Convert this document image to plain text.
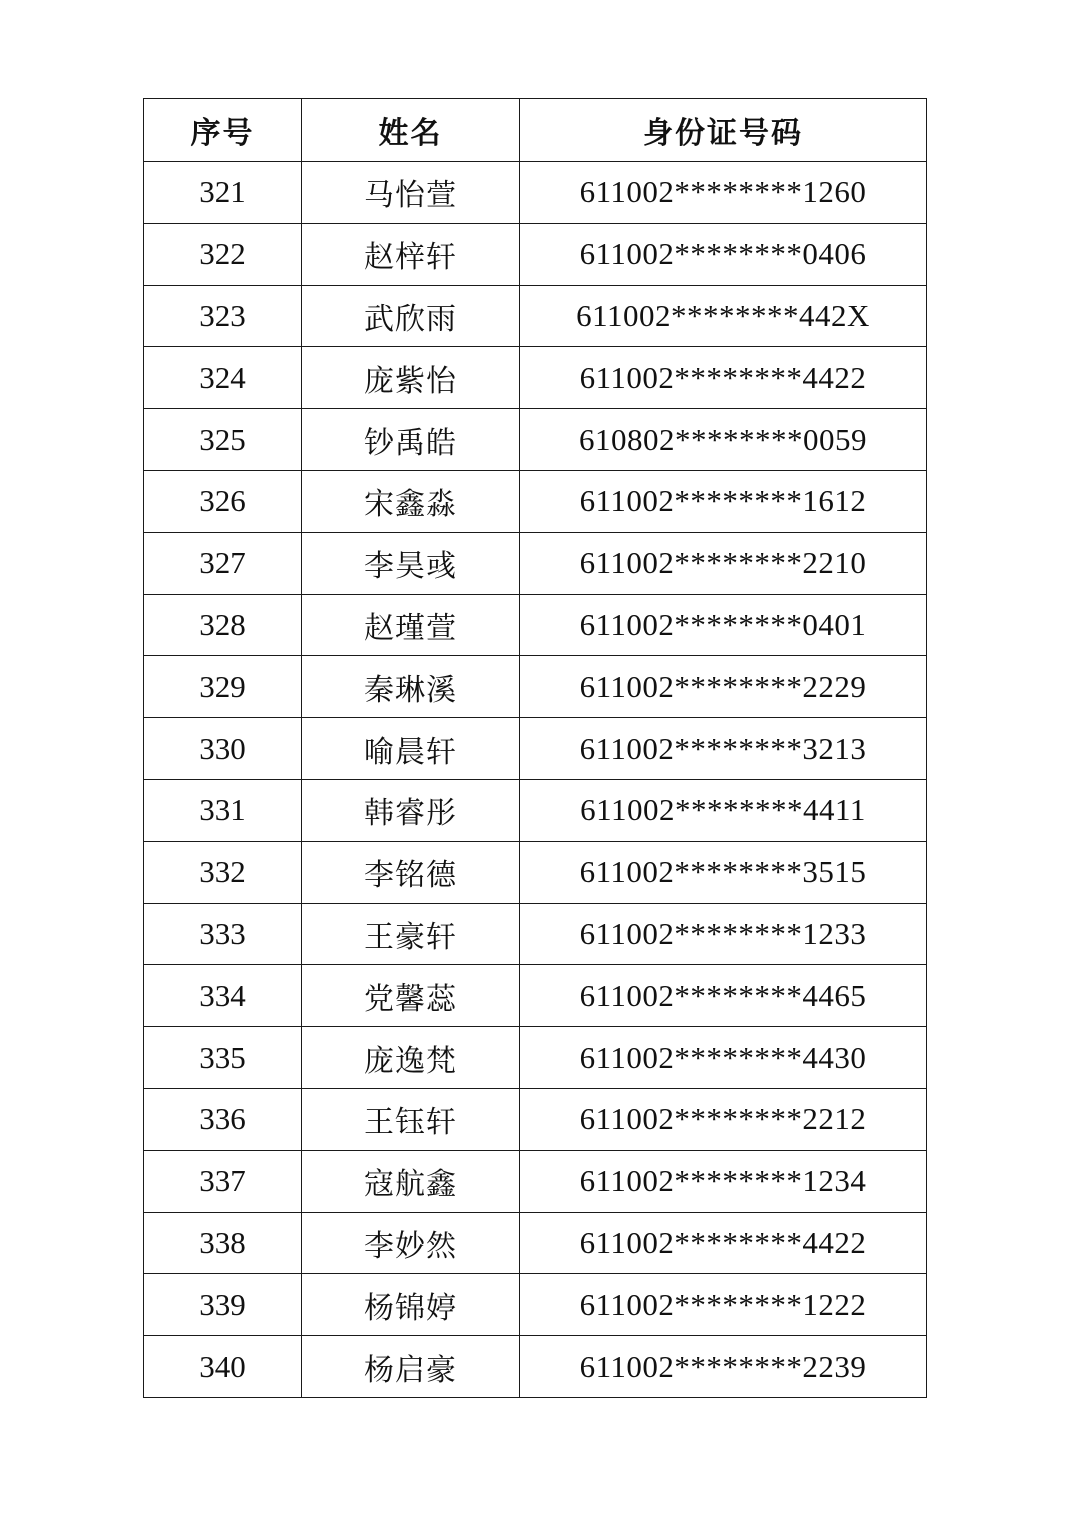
序号	姓名	身份证号码
321	马怡萱	611002********1260
322	赵梓轩	611002********0406
323	武欣雨	611002********442X
324	庞紫怡	611002********4422
325	钞禹皓	610802********0059
326	宋鑫淼	611002********1612
327	李昊彧	611002********2210
328	赵瑾萱	611002********0401
329	秦琳溪	611002********2229
330	喻晨轩	611002********3213
331	韩睿彤	611002********4411
332	李铭德	611002********3515
333	王豪轩	611002********1233
334	党馨蕊	611002********4465
335	庞逸梵	611002********4430
336	王钰轩	611002********2212
337	寇航鑫	611002********1234
338	李妙然	611002********4422
339	杨锦婷	611002********1222
340	杨启豪	611002********2239
